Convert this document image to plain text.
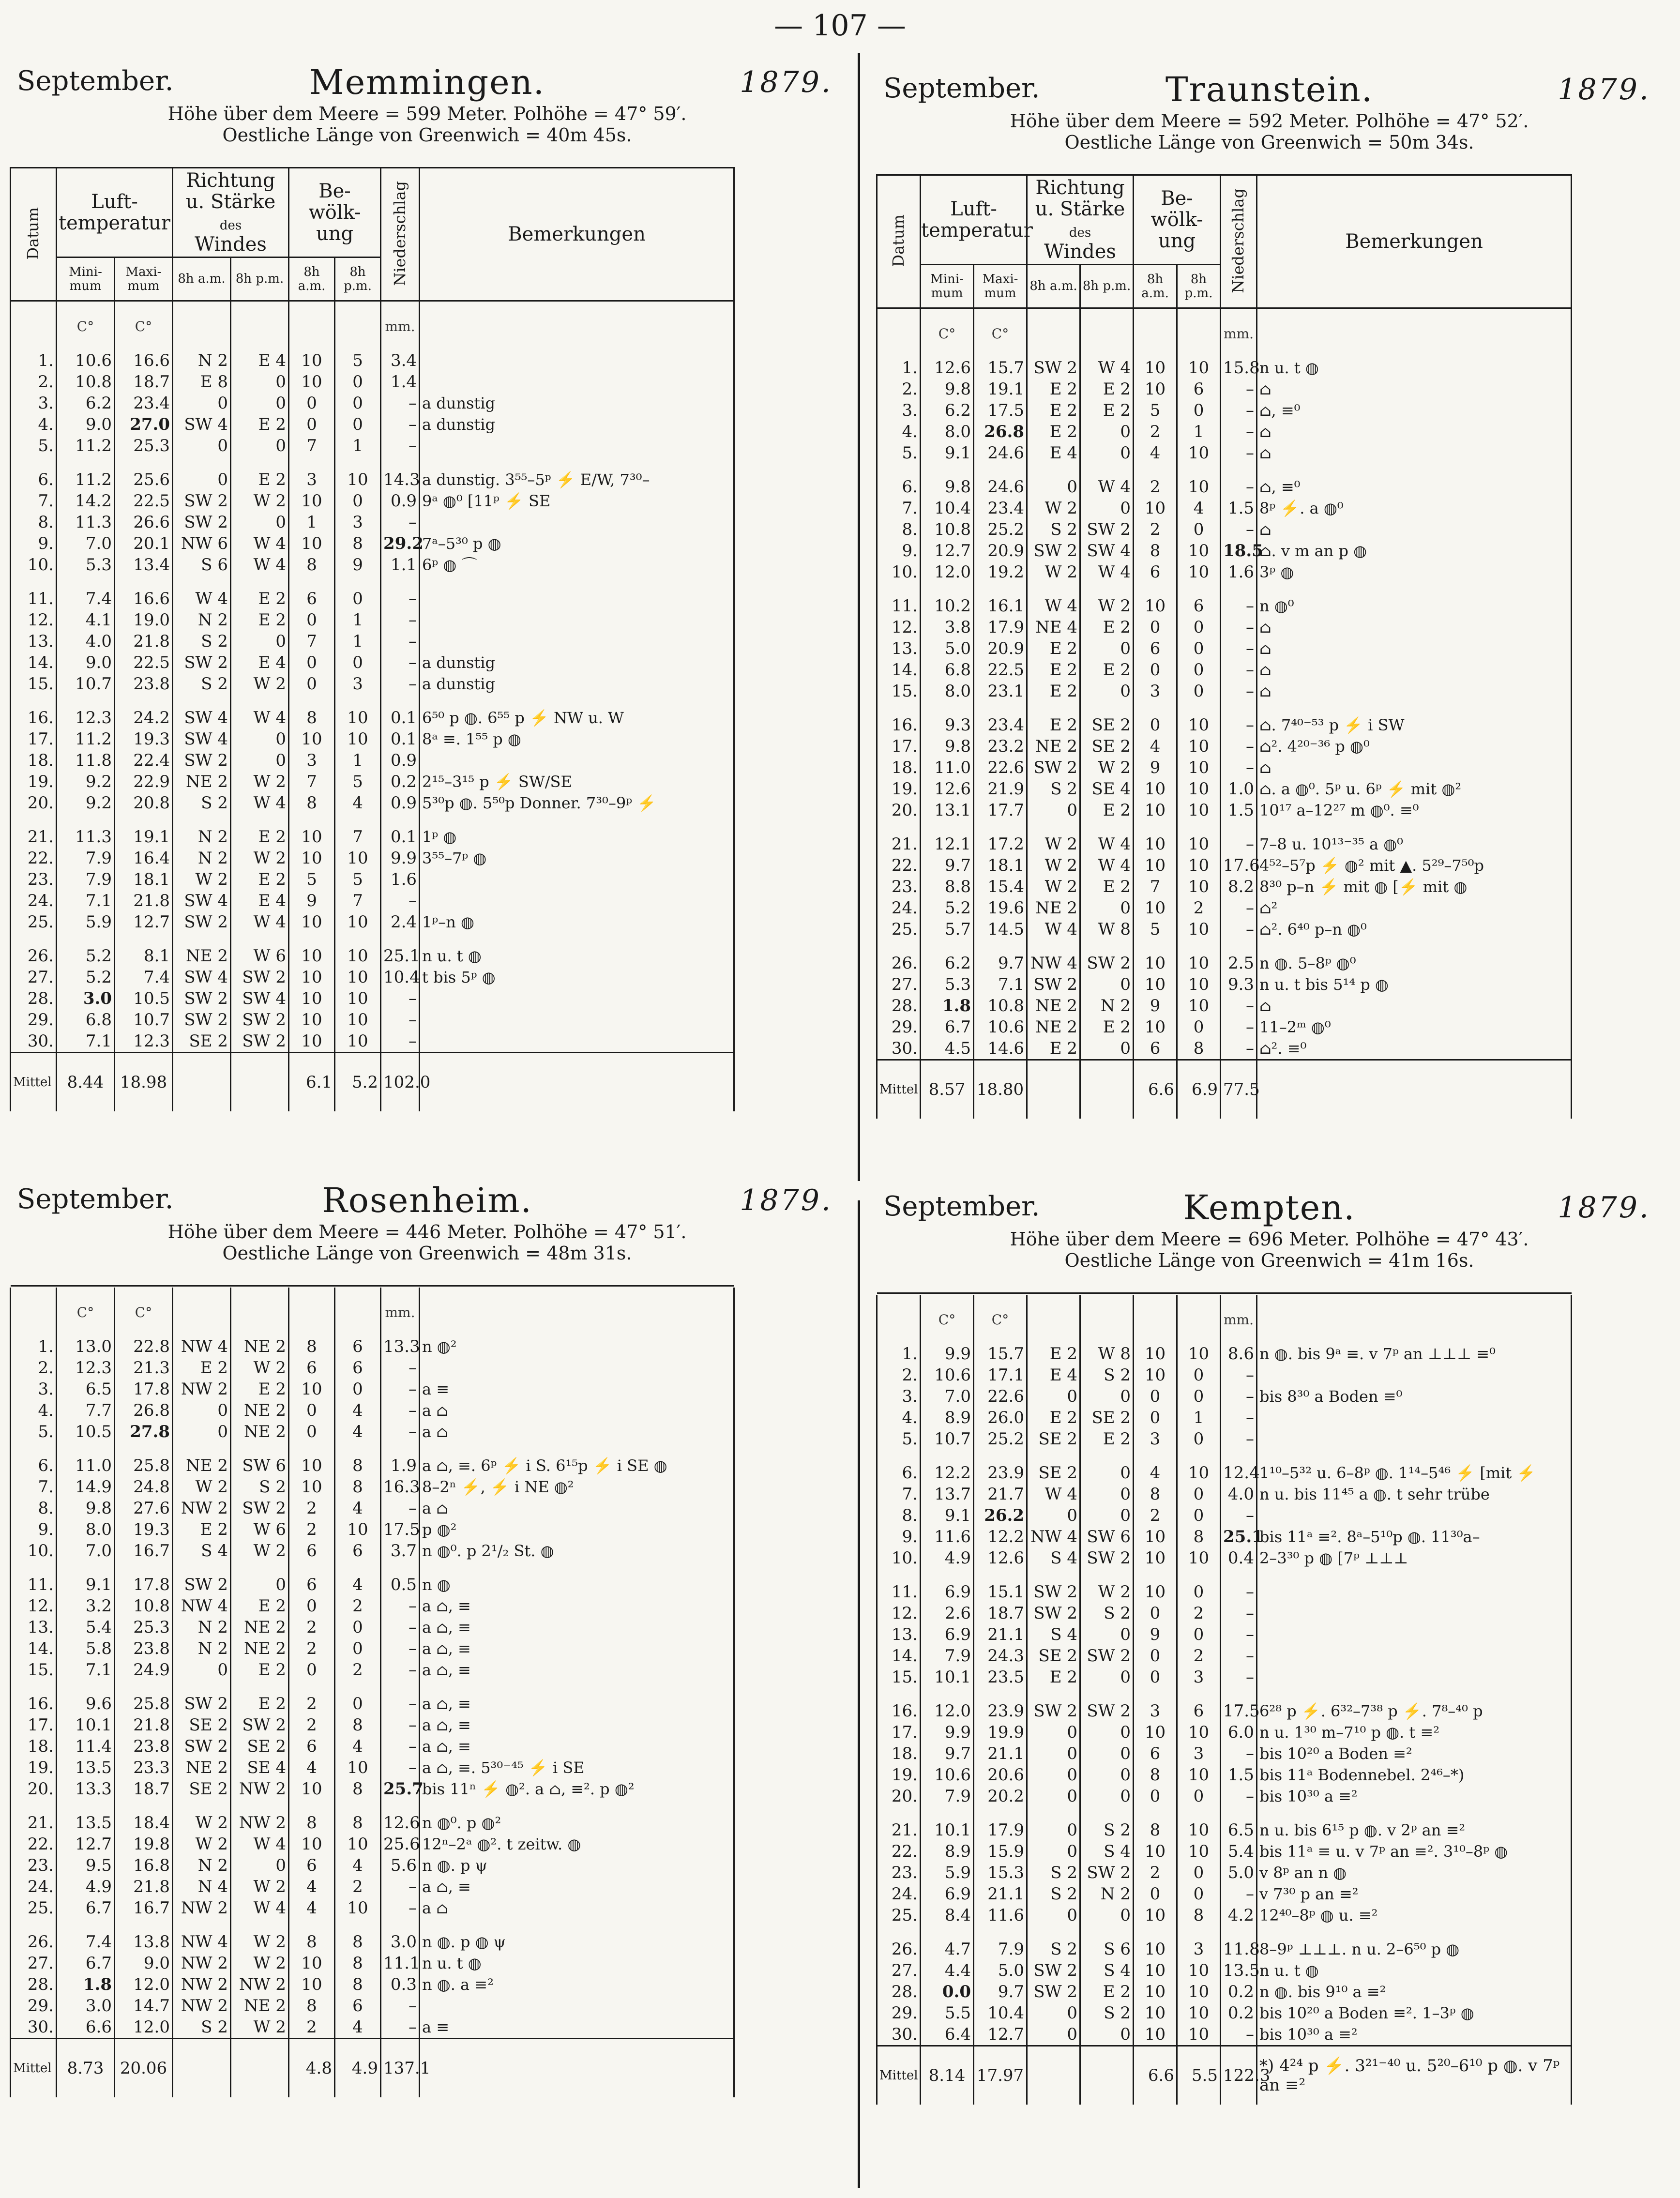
— 107 —
September.	Memmingen.	1879.
Höhe über dem Meere = 599 Meter. Polhöhe = 47° 59′.
Oestliche Länge von Greenwich = 40m 45s.
Datum	Luft-
temperatur		Richtung
u. Stärke
des
Windes		Be-
wölk-
ung		Niederschlag	Bemerkungen	
	Mini-
mum	Maxi-
mum	8h a.m.	8h p.m.	8h a.m.	8h p.m.			

	C°	C°					mm.		
1.	10.6	16.6	N 2	E 4	10	5	3.4		
2.	10.8	18.7	E 8	0	10	0	1.4		
3.	6.2	23.4	0	0	0	0	–	a dunstig	
4.	9.0	27.0	SW 4	E 2	0	0	–	a dunstig	
5.	11.2	25.3	0	0	7	1	–		
6.	11.2	25.6	0	E 2	3	10	14.3	a dunstig. 3⁵⁵–5ᵖ ⚡ E/W, 7³⁰–	
7.	14.2	22.5	SW 2	W 2	10	0	0.9	9ᵃ ◍⁰ [11ᵖ ⚡ SE	
8.	11.3	26.6	SW 2	0	1	3	–		
9.	7.0	20.1	NW 6	W 4	10	8	29.2	7ᵃ–5³⁰ p ◍	
10.	5.3	13.4	S 6	W 4	8	9	1.1	6ᵖ ◍ ⌒	
11.	7.4	16.6	W 4	E 2	6	0	–		
12.	4.1	19.0	N 2	E 2	0	1	–		
13.	4.0	21.8	S 2	0	7	1	–		
14.	9.0	22.5	SW 2	E 4	0	0	–	a dunstig	
15.	10.7	23.8	S 2	W 2	0	3	–	a dunstig	
16.	12.3	24.2	SW 4	W 4	8	10	0.1	6⁵⁰ p ◍. 6⁵⁵ p ⚡ NW u. W	
17.	11.2	19.3	SW 4	0	10	10	0.1	8ᵃ ≡. 1⁵⁵ p ◍	
18.	11.8	22.4	SW 2	0	3	1	0.9		
19.	9.2	22.9	NE 2	W 2	7	5	0.2	2¹⁵–3¹⁵ p ⚡ SW/SE	
20.	9.2	20.8	S 2	W 4	8	4	0.9	5³⁰p ◍. 5⁵⁰p Donner. 7³⁰–9ᵖ ⚡	
21.	11.3	19.1	N 2	E 2	10	7	0.1	1ᵖ ◍	
22.	7.9	16.4	N 2	W 2	10	10	9.9	3⁵⁵–7ᵖ ◍	
23.	7.9	18.1	W 2	E 2	5	5	1.6		
24.	7.1	21.8	SW 4	E 4	9	7	–		
25.	5.9	12.7	SW 2	W 4	10	10	2.4	1ᵖ–n ◍	
26.	5.2	8.1	NE 2	W 6	10	10	25.1	n u. t ◍	
27.	5.2	7.4	SW 4	SW 2	10	10	10.4	t bis 5ᵖ ◍	
28.	3.0	10.5	SW 2	SW 4	10	10	–		
29.	6.8	10.7	SW 2	SW 2	10	10	–		
30.	7.1	12.3	SE 2	SW 2	10	10	–		
Mittel	8.44	18.98			6.1	5.2	102.0		
September.	Traunstein.	1879.
Höhe über dem Meere = 592 Meter. Polhöhe = 47° 52′.
Oestliche Länge von Greenwich = 50m 34s.
Datum	Luft-
temperatur		Richtung
u. Stärke
des
Windes		Be-
wölk-
ung		Niederschlag	Bemerkungen	
	Mini-
mum	Maxi-
mum	8h a.m.	8h p.m.	8h a.m.	8h p.m.			

	C°	C°					mm.		
1.	12.6	15.7	SW 2	W 4	10	10	15.8	n u. t ◍	
2.	9.8	19.1	E 2	E 2	10	6	–	⌂	
3.	6.2	17.5	E 2	E 2	5	0	–	⌂, ≡⁰	
4.	8.0	26.8	E 2	0	2	1	–	⌂	
5.	9.1	24.6	E 4	0	4	10	–	⌂	
6.	9.8	24.6	0	W 4	2	10	–	⌂, ≡⁰	
7.	10.4	23.4	W 2	0	10	4	1.5	8ᵖ ⚡. a ◍⁰	
8.	10.8	25.2	S 2	SW 2	2	0	–	⌂	
9.	12.7	20.9	SW 2	SW 4	8	10	18.5	⌂. v m an p ◍	
10.	12.0	19.2	W 2	W 4	6	10	1.6	3ᵖ ◍	
11.	10.2	16.1	W 4	W 2	10	6	–	n ◍⁰	
12.	3.8	17.9	NE 4	E 2	0	0	–	⌂	
13.	5.0	20.9	E 2	0	6	0	–	⌂	
14.	6.8	22.5	E 2	E 2	0	0	–	⌂	
15.	8.0	23.1	E 2	0	3	0	–	⌂	
16.	9.3	23.4	E 2	SE 2	0	10	–	⌂. 7⁴⁰⁻⁵³ p ⚡ i SW	
17.	9.8	23.2	NE 2	SE 2	4	10	–	⌂². 4²⁰⁻³⁶ p ◍⁰	
18.	11.0	22.6	SW 2	W 2	9	10	–	⌂	
19.	12.6	21.9	S 2	SE 4	10	10	1.0	⌂. a ◍⁰. 5ᵖ u. 6ᵖ ⚡ mit ◍²	
20.	13.1	17.7	0	E 2	10	10	1.5	10¹⁷ a–12²⁷ m ◍⁰. ≡⁰	
21.	12.1	17.2	W 2	W 4	10	10	–	7–8 u. 10¹³⁻³⁵ a ◍⁰	
22.	9.7	18.1	W 2	W 4	10	10	17.6	4⁵²–5⁷p ⚡ ◍² mit ▲. 5²⁹–7⁵⁰p	
23.	8.8	15.4	W 2	E 2	7	10	8.2	8³⁰ p–n ⚡ mit ◍ [⚡ mit ◍	
24.	5.2	19.6	NE 2	0	10	2	–	⌂²	
25.	5.7	14.5	W 4	W 8	5	10	–	⌂². 6⁴⁰ p–n ◍⁰	
26.	6.2	9.7	NW 4	SW 2	10	10	2.5	n ◍. 5–8ᵖ ◍⁰	
27.	5.3	7.1	SW 2	0	10	10	9.3	n u. t bis 5¹⁴ p ◍	
28.	1.8	10.8	NE 2	N 2	9	10	–	⌂	
29.	6.7	10.6	NE 2	E 2	10	0	–	11–2ᵐ ◍⁰	
30.	4.5	14.6	E 2	0	6	8	–	⌂². ≡⁰	
Mittel	8.57	18.80			6.6	6.9	77.5		
September.	Rosenheim.	1879.
Höhe über dem Meere = 446 Meter. Polhöhe = 47° 51′.
Oestliche Länge von Greenwich = 48m 31s.

	C°	C°					mm.		
1.	13.0	22.8	NW 4	NE 2	8	6	13.3	n ◍²	
2.	12.3	21.3	E 2	W 2	6	6	–		
3.	6.5	17.8	NW 2	E 2	10	0	–	a ≡	
4.	7.7	26.8	0	NE 2	0	4	–	a ⌂	
5.	10.5	27.8	0	NE 2	0	4	–	a ⌂	
6.	11.0	25.8	NE 2	SW 6	10	8	1.9	a ⌂, ≡. 6ᵖ ⚡ i S. 6¹⁵p ⚡ i SE ◍	
7.	14.9	24.8	W 2	S 2	10	8	16.3	8–2ⁿ ⚡, ⚡ i NE ◍²	
8.	9.8	27.6	NW 2	SW 2	2	4	–	a ⌂	
9.	8.0	19.3	E 2	W 6	2	10	17.5	p ◍²	
10.	7.0	16.7	S 4	W 2	6	6	3.7	n ◍⁰. p 2¹/₂ St. ◍	
11.	9.1	17.8	SW 2	0	6	4	0.5	n ◍	
12.	3.2	10.8	NW 4	E 2	0	2	–	a ⌂, ≡	
13.	5.4	25.3	N 2	NE 2	2	0	–	a ⌂, ≡	
14.	5.8	23.8	N 2	NE 2	2	0	–	a ⌂, ≡	
15.	7.1	24.9	0	E 2	0	2	–	a ⌂, ≡	
16.	9.6	25.8	SW 2	E 2	2	0	–	a ⌂, ≡	
17.	10.1	21.8	SE 2	SW 2	2	8	–	a ⌂, ≡	
18.	11.4	23.8	SW 2	SE 2	6	4	–	a ⌂, ≡	
19.	13.5	23.3	NE 2	SE 4	4	10	–	a ⌂, ≡. 5³⁰⁻⁴⁵ ⚡ i SE	
20.	13.3	18.7	SE 2	NW 2	10	8	25.7	bis 11ⁿ ⚡ ◍². a ⌂, ≡². p ◍²	
21.	13.5	18.4	W 2	NW 2	8	8	12.6	n ◍⁰. p ◍²	
22.	12.7	19.8	W 2	W 4	10	10	25.6	12ⁿ–2ᵃ ◍². t zeitw. ◍	
23.	9.5	16.8	N 2	0	6	4	5.6	n ◍. p ψ	
24.	4.9	21.8	N 4	W 2	4	2	–	a ⌂, ≡	
25.	6.7	16.7	NW 2	W 4	4	10	–	a ⌂	
26.	7.4	13.8	NW 4	W 2	8	8	3.0	n ◍. p ◍ ψ	
27.	6.7	9.0	NW 2	W 2	10	8	11.1	n u. t ◍	
28.	1.8	12.0	NW 2	NW 2	10	8	0.3	n ◍. a ≡²	
29.	3.0	14.7	NW 2	NE 2	8	6	–		
30.	6.6	12.0	S 2	W 2	2	4	–	a ≡	
Mittel	8.73	20.06			4.8	4.9	137.1		
September.	Kempten.	1879.
Höhe über dem Meere = 696 Meter. Polhöhe = 47° 43′.
Oestliche Länge von Greenwich = 41m 16s.

	C°	C°					mm.		
1.	9.9	15.7	E 2	W 8	10	10	8.6	n ◍. bis 9ᵃ ≡. v 7ᵖ an ⊥⊥⊥ ≡⁰	
2.	10.6	17.1	E 4	S 2	10	0	–		
3.	7.0	22.6	0	0	0	0	–	bis 8³⁰ a Boden ≡⁰	
4.	8.9	26.0	E 2	SE 2	0	1	–		
5.	10.7	25.2	SE 2	E 2	3	0	–		
6.	12.2	23.9	SE 2	0	4	10	12.4	1¹⁰–5³² u. 6–8ᵖ ◍. 1¹⁴–5⁴⁶ ⚡ [mit ⚡	
7.	13.7	21.7	W 4	0	8	0	4.0	n u. bis 11⁴⁵ a ◍. t sehr trübe	
8.	9.1	26.2	0	0	2	0	–		
9.	11.6	12.2	NW 4	SW 6	10	8	25.1	bis 11ᵃ ≡². 8ᵃ–5¹⁰p ◍. 11³⁰a–	
10.	4.9	12.6	S 4	SW 2	10	10	0.4	2–3³⁰ p ◍ [7ᵖ ⊥⊥⊥	
11.	6.9	15.1	SW 2	W 2	10	0	–		
12.	2.6	18.7	SW 2	S 2	0	2	–		
13.	6.9	21.1	S 4	0	9	0	–		
14.	7.9	24.3	SE 2	SW 2	0	2	–		
15.	10.1	23.5	E 2	0	0	3	–		
16.	12.0	23.9	SW 2	SW 2	3	6	17.5	6²⁸ p ⚡. 6³²–7³⁸ p ⚡. 7⁸–⁴⁰ p	
17.	9.9	19.9	0	0	10	10	6.0	n u. 1³⁰ m–7¹⁰ p ◍. t ≡²	
18.	9.7	21.1	0	0	6	3	–	bis 10²⁰ a Boden ≡²	
19.	10.6	20.6	0	0	8	10	1.5	bis 11ᵃ Bodennebel. 2⁴⁶–*)	
20.	7.9	20.2	0	0	0	0	–	bis 10³⁰ a ≡²	
21.	10.1	17.9	0	S 2	8	10	6.5	n u. bis 6¹⁵ p ◍. v 2ᵖ an ≡²	
22.	8.9	15.9	0	S 4	10	10	5.4	bis 11ᵃ ≡ u. v 7ᵖ an ≡². 3¹⁰–8ᵖ ◍	
23.	5.9	15.3	S 2	SW 2	2	0	5.0	v 8ᵖ an n ◍	
24.	6.9	21.1	S 2	N 2	0	0	–	v 7³⁰ p an ≡²	
25.	8.4	11.6	0	0	10	8	4.2	12⁴⁰–8ᵖ ◍ u. ≡²	
26.	4.7	7.9	S 2	S 6	10	3	11.8	8–9ᵖ ⊥⊥⊥. n u. 2–6⁵⁰ p ◍	
27.	4.4	5.0	SW 2	S 4	10	10	13.5	n u. t ◍	
28.	0.0	9.7	SW 2	E 2	10	10	0.2	n ◍. bis 9¹⁰ a ≡²	
29.	5.5	10.4	0	S 2	10	10	0.2	bis 10²⁰ a Boden ≡². 1–3ᵖ ◍	
30.	6.4	12.7	0	0	10	10	–	bis 10³⁰ a ≡²	
Mittel	8.14	17.97			6.6	5.5	122.3	*) 4²⁴ p ⚡. 3²¹⁻⁴⁰ u. 5²⁰–6¹⁰ p ◍. v 7ᵖ an ≡²	
